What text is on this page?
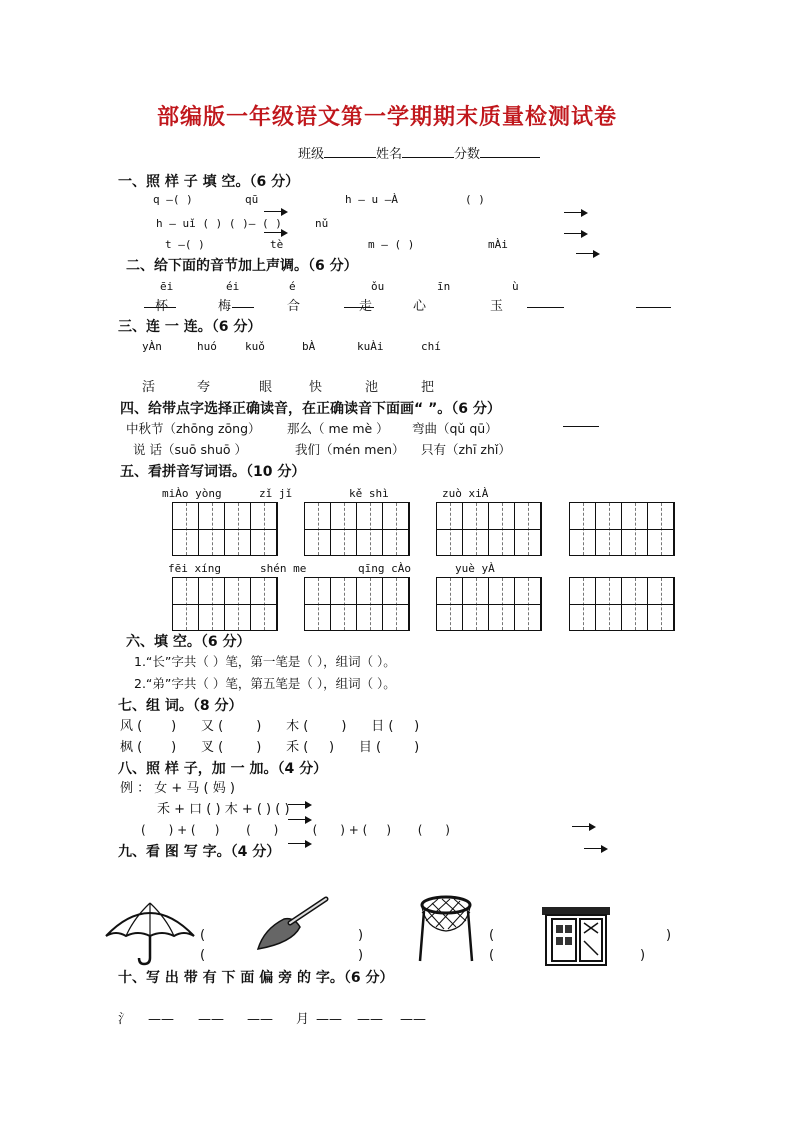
部编版一年级语文第一学期期末质量检测试卷
班级	姓名	分数
一、照 样 子 填 空。（6 分）
q —( )	qū	h — u —À	( )
h — uǐ ( ) ( )— ( )	nǔ
t —( )	tè	m — ( )	mÀi
二、给下面的音节加上声调。（6 分）
ēi	éi	é	ǒu	īn	ù
杯	梅	合	走	心	玉
三、连 一 连。（6 分）
yÀn	huó	kuǒ	bÀ	kuÀi	chí
活	夸	眼	快	池	把
四、给带点字选择正确读音，在正确读音下面画“ ”。（6 分）
中秋节（zhōng zōng） 那么（ me mè ） 弯曲（qǔ qū）
说 话（suō shuō ）	我们（mén men） 只有（zhī zhǐ）
五、看拼音写词语。（10 分）
miÀo yòng	zǐ jǐ	kě shì	zuò xiÀ
fēi xíng	shén me	qīng cÀo	yuè yÀ
六、填 空。（6 分）
1.“长”字共（ ）笔，第一笔是（ ），组词（ ）。
2.“弟”字共（ ）笔，第五笔是（ ），组词（ ）。
七、组 词。（8 分）
风 (       )      又 (        )      木 (        )      日 (     )
枫 (       )      叉 (        )      禾 (     )      目 (        )
八、照 样 子，加 一 加。（4 分）
例 ： 女 + 马 ( 妈 )
禾 + 口 ( ) 木 + ( ) ( )
(      ) + (     )       (      )         (      ) + (     )       (      )
九、看 图 写 字。（4 分）
(
(
)
)
(
(
)
)
十、写 出 带 有 下 面 偏 旁 的 字。（6 分）
氵 —— —— —— 月 —— —— ——
